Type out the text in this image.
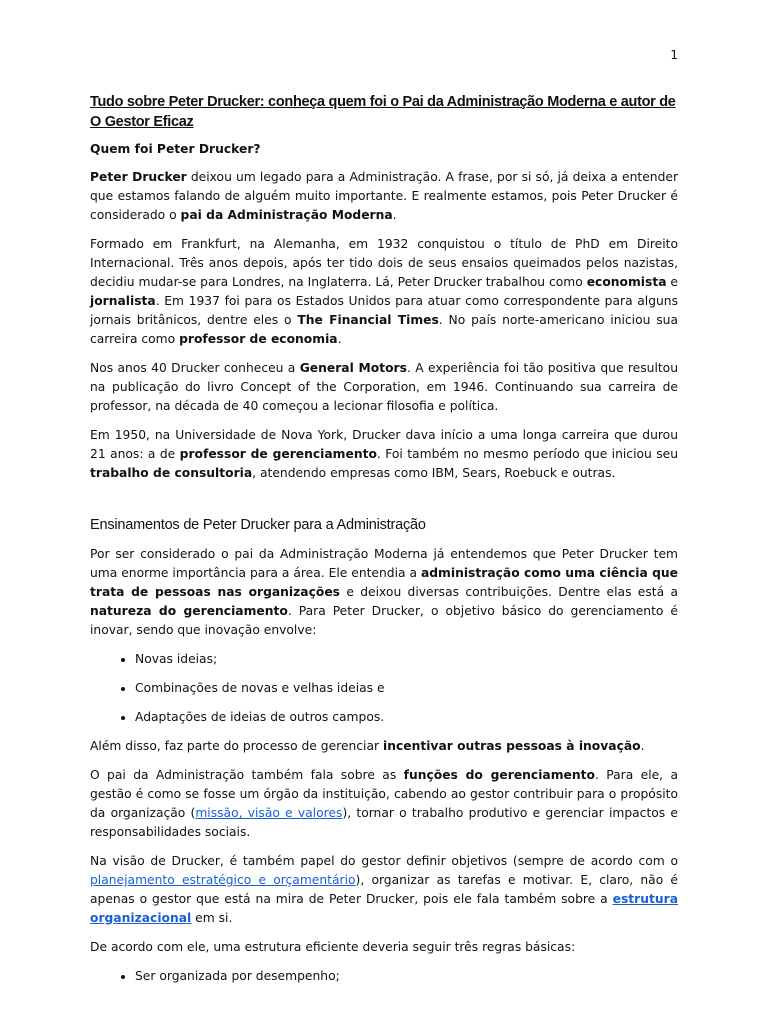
1
Tudo sobre Peter Drucker: conheça quem foi o Pai da Administração Moderna e autor de O Gestor Eficaz
Quem foi Peter Drucker?

Peter Drucker deixou um legado para a Administração. A frase, por si só, já deixa a entender que estamos falando de alguém muito importante. E realmente estamos, pois Peter Drucker é considerado o pai da Administração Moderna.

Formado em Frankfurt, na Alemanha, em 1932 conquistou o título de PhD em Direito Internacional. Três anos depois, após ter tido dois de seus ensaios queimados pelos nazistas, decidiu mudar-se para Londres, na Inglaterra. Lá, Peter Drucker trabalhou como economista e jornalista. Em 1937 foi para os Estados Unidos para atuar como correspondente para alguns jornais britânicos, dentre eles o The Financial Times. No país norte-americano iniciou sua carreira como professor de economia.

Nos anos 40 Drucker conheceu a General Motors. A experiência foi tão positiva que resultou na publicação do livro Concept of the Corporation, em 1946. Continuando sua carreira de professor, na década de 40 começou a lecionar filosofia e política.

Em 1950, na Universidade de Nova York, Drucker dava início a uma longa carreira que durou 21 anos: a de professor de gerenciamento. Foi também no mesmo período que iniciou seu trabalho de consultoria, atendendo empresas como IBM, Sears, Roebuck e outras.

Ensinamentos de Peter Drucker para a Administração

Por ser considerado o pai da Administração Moderna já entendemos que Peter Drucker tem uma enorme importância para a área. Ele entendia a administração como uma ciência que trata de pessoas nas organizações e deixou diversas contribuições. Dentre elas está a natureza do gerenciamento. Para Peter Drucker, o objetivo básico do gerenciamento é inovar, sendo que inovação envolve:

• Novas ideias;
• Combinações de novas e velhas ideias e
• Adaptações de ideias de outros campos.

Além disso, faz parte do processo de gerenciar incentivar outras pessoas à inovação.

O pai da Administração também fala sobre as funções do gerenciamento. Para ele, a gestão é como se fosse um órgão da instituição, cabendo ao gestor contribuir para o propósito da organização (missão, visão e valores), tornar o trabalho produtivo e gerenciar impactos e responsabilidades sociais.

Na visão de Drucker, é também papel do gestor definir objetivos (sempre de acordo com o planejamento estratégico e orçamentário), organizar as tarefas e motivar. E, claro, não é apenas o gestor que está na mira de Peter Drucker, pois ele fala também sobre a estrutura organizacional em si.

De acordo com ele, uma estrutura eficiente deveria seguir três regras básicas:

• Ser organizada por desempenho;
